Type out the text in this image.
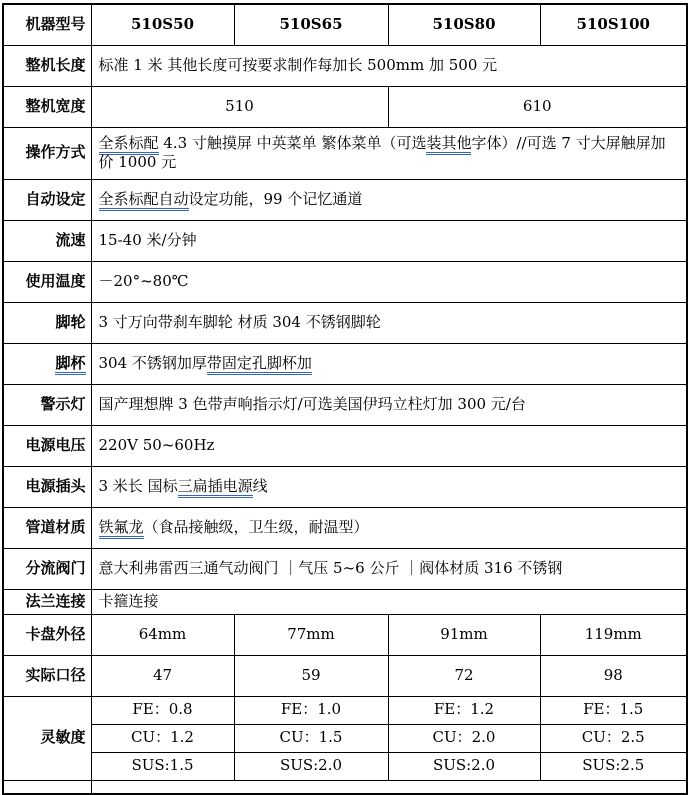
机器型号	510S50	510S65	510S80	510S100
整机长度	标准 1 米 其他长度可按要求制作每加长 500mm 加 500 元			
整机宽度	510		610	
操作方式	全系标配 4.3 寸触摸屏 中英菜单 繁体菜单（可选装其他字体）//可选 7 寸大屏触屏加价 1000 元			
自动设定	全系标配自动设定功能，99 个记忆通道			
流速	15-40 米/分钟			
使用温度	－20°~80℃			
脚轮	3 寸万向带刹车脚轮 材质 304 不锈钢脚轮			
脚杯	304 不锈钢加厚带固定孔脚杯加			
警示灯	国产理想牌 3 色带声响指示灯/可选美国伊玛立柱灯加 300 元/台			
电源电压	220V 50~60Hz			
电源插头	3 米长 国标三扁插电源线			
管道材质	铁氟龙（食品接触级，卫生级，耐温型）			
分流阀门	意大利弗雷西三通气动阀门 ｜气压 5~6 公斤 ｜阀体材质 316 不锈钢			
法兰连接	卡箍连接			
卡盘外径	64mm	77mm	91mm	119mm
实际口径	47	59	72	98
灵敏度	FE：0.8	FE：1.0	FE：1.2	FE：1.5
	CU：1.2	CU：1.5	CU：2.0	CU：2.5
	SUS:1.5	SUS:2.0	SUS:2.0	SUS:2.5
